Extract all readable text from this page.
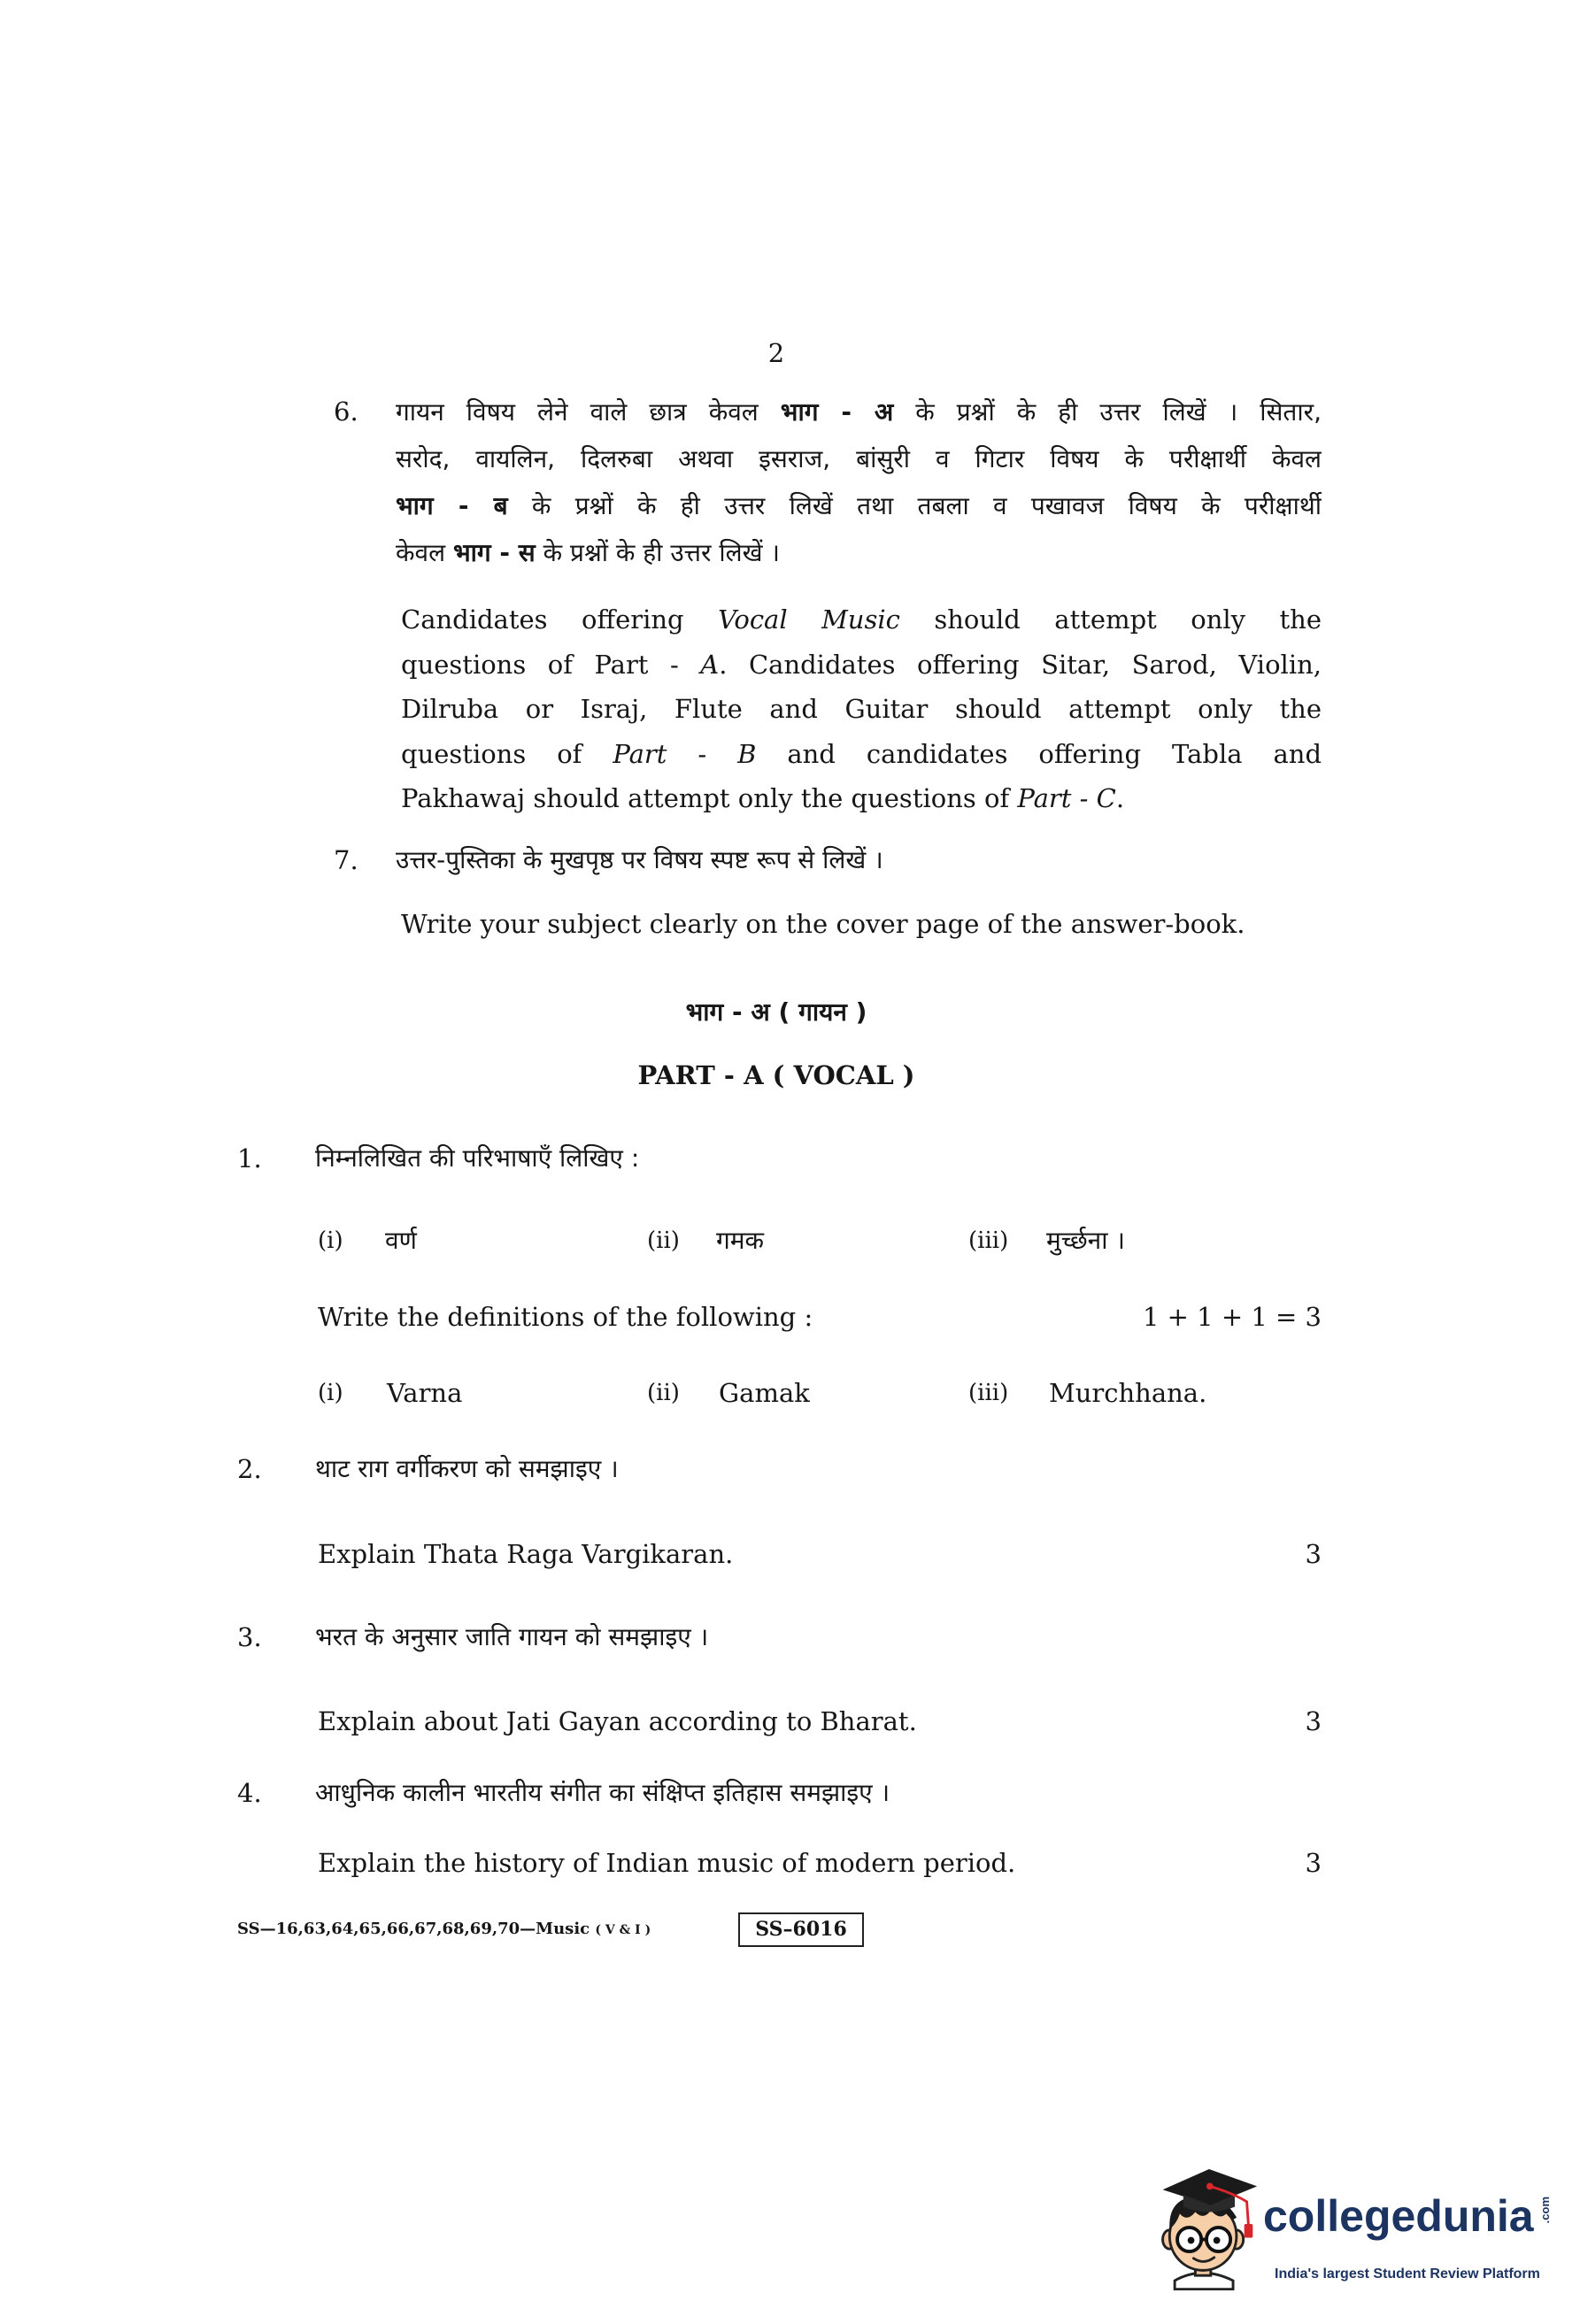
2
6. गायन विषय लेने वाले छात्र केवल भाग - अ के प्रश्नों के ही उत्तर लिखें । सितार,
सरोद, वायलिन, दिलरुबा अथवा इसराज, बांसुरी व गिटार विषय के परीक्षार्थी केवल
भाग - ब के प्रश्नों के ही उत्तर लिखें तथा तबला व पखावज विषय के परीक्षार्थी
केवल भाग - स के प्रश्नों के ही उत्तर लिखें ।
Candidates offering Vocal Music should attempt only the
questions of Part - A. Candidates offering Sitar, Sarod, Violin,
Dilruba or Israj, Flute and Guitar should attempt only the
questions of Part - B and candidates offering Tabla and
Pakhawaj should attempt only the questions of Part - C.
7. उत्तर-पुस्तिका के मुखपृष्ठ पर विषय स्पष्ट रूप से लिखें ।
Write your subject clearly on the cover page of the answer-book.
भाग - अ ( गायन )
PART - A ( VOCAL )
1. निम्नलिखित की परिभाषाएँ लिखिए :
(i) वर्ण	(ii) गमक	(iii) मुर्च्छना ।
Write the definitions of the following :	1 + 1 + 1 = 3
(i) Varna	(ii) Gamak	(iii) Murchhana.
2. थाट राग वर्गीकरण को समझाइए ।
Explain Thata Raga Vargikaran.	3
3. भरत के अनुसार जाति गायन को समझाइए ।
Explain about Jati Gayan according to Bharat.	3
4. आधुनिक कालीन भारतीय संगीत का संक्षिप्त इतिहास समझाइए ।
Explain the history of Indian music of modern period.	3
SS—16,63,64,65,66,67,68,69,70—Music ( V & I )	SS–6016
collegedunia .com
India's largest Student Review Platform
